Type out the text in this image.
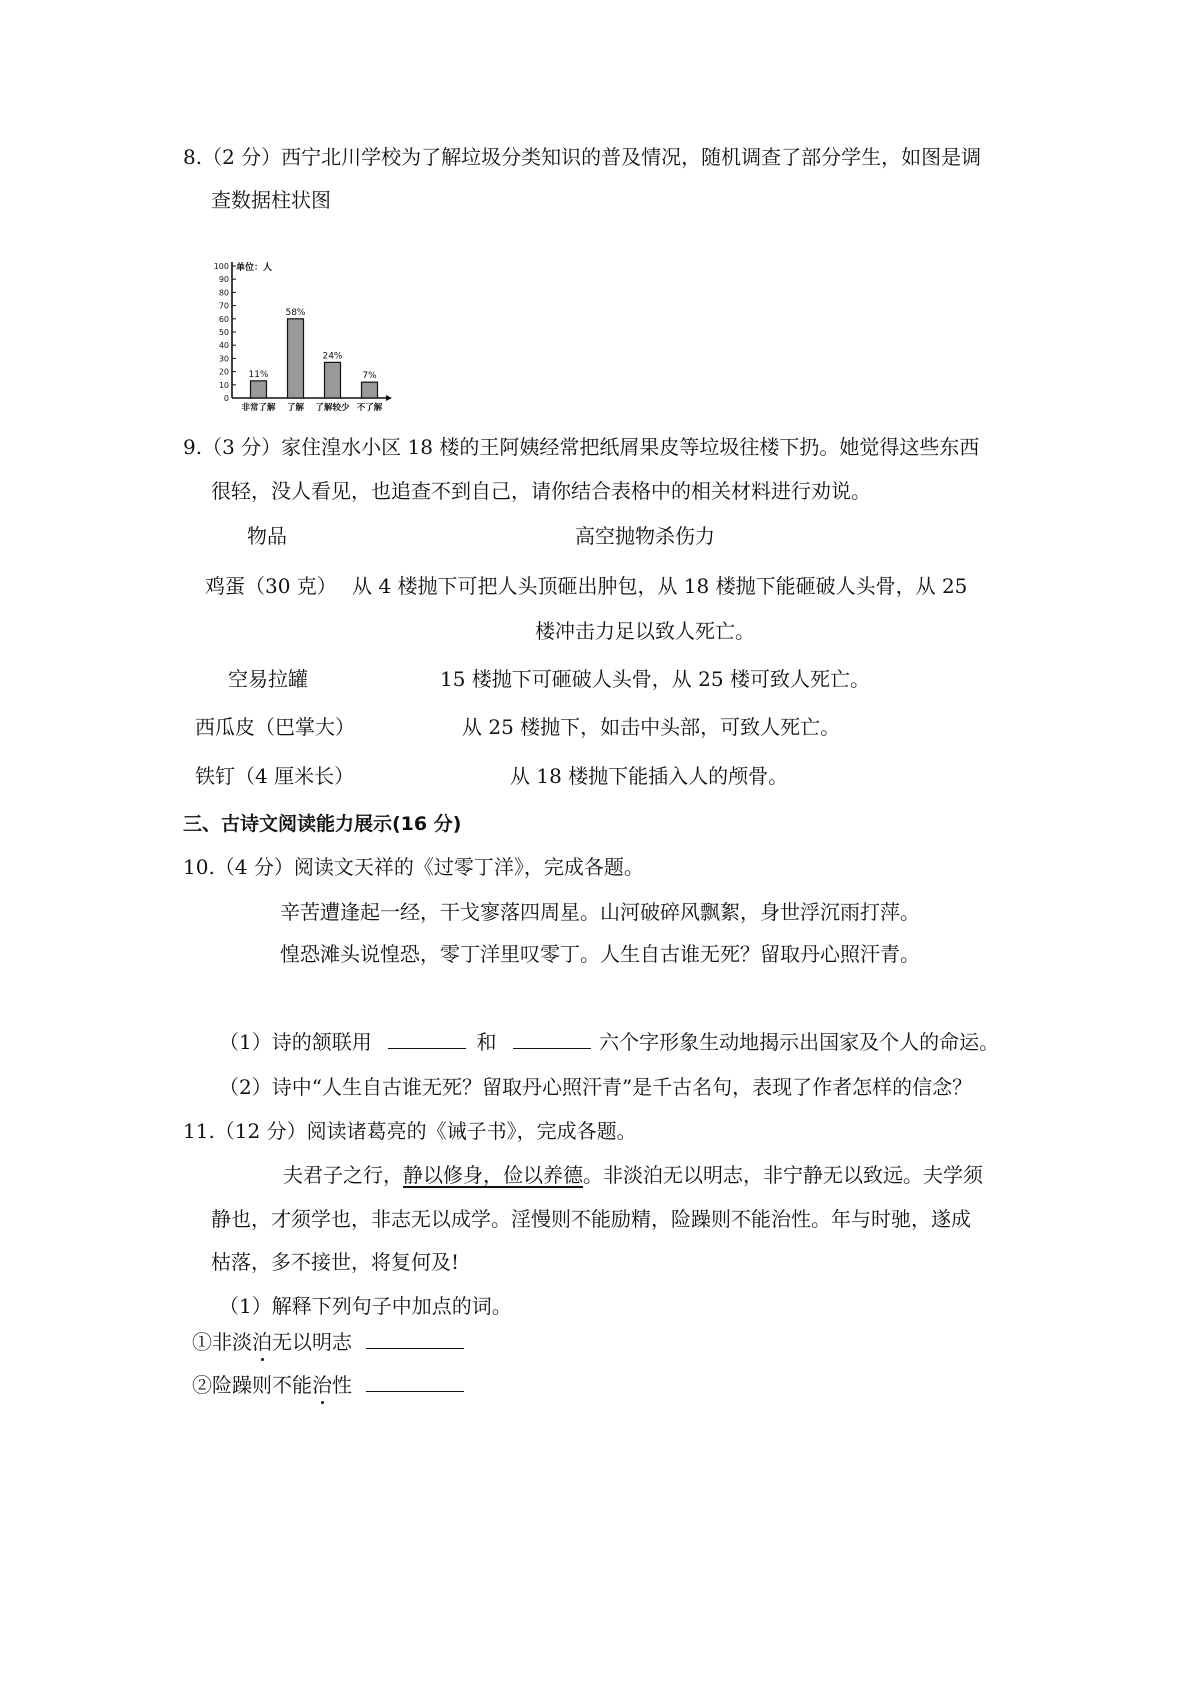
8.（2 分）西宁北川学校为了解垃圾分类知识的普及情况，随机调查了部分学生，如图是调
查数据柱状图
0
10
20
30
40
50
60
70
80
90
100 单位：人
11%
非常了解
58%
了解
24%
了解较少
7%
不了解
9.（3 分）家住湟水小区 18 楼的王阿姨经常把纸屑果皮等垃圾往楼下扔。她觉得这些东西
很轻，没人看见，也追查不到自己，请你结合表格中的相关材料进行劝说。
物品	高空抛物杀伤力
鸡蛋（30 克） 从 4 楼抛下可把人头顶砸出肿包，从 18 楼抛下能砸破人头骨，从 25
楼冲击力足以致人死亡。
空易拉罐	15 楼抛下可砸破人头骨，从 25 楼可致人死亡。
西瓜皮（巴掌大）	从 25 楼抛下，如击中头部，可致人死亡。
铁钉（4 厘米长）	从 18 楼抛下能插入人的颅骨。
三、古诗文阅读能力展示(16 分)
10.（4 分）阅读文天祥的《过零丁洋》，完成各题。
辛苦遭逢起一经，干戈寥落四周星。山河破碎风飘絮，身世浮沉雨打萍。
惶恐滩头说惶恐，零丁洋里叹零丁。人生自古谁无死？留取丹心照汗青。
（1）诗的颔联用	和	六个字形象生动地揭示出国家及个人的命运。
（2）诗中“人生自古谁无死？留取丹心照汗青”是千古名句，表现了作者怎样的信念？
11.（12 分）阅读诸葛亮的《诫子书》，完成各题。
夫君子之行，静以修身，俭以养德。非淡泊无以明志，非宁静无以致远。夫学须
静也，才须学也，非志无以成学。淫慢则不能励精，险躁则不能治性。年与时驰，遂成
枯落，多不接世，将复何及!
（1）解释下列句子中加点的词。
①非淡泊无以明志
②险躁则不能治性
